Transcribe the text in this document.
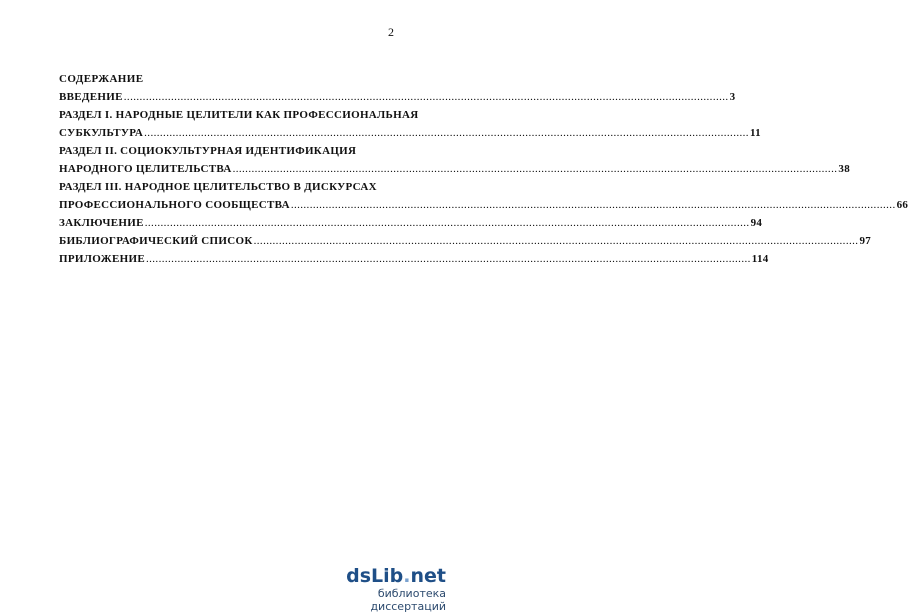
2
СОДЕРЖАНИЕ
ВВЕДЕНИЕ ................................................................................................................................................................................................ 3
РАЗДЕЛ I. НАРОДНЫЕ ЦЕЛИТЕЛИ КАК ПРОФЕССИОНАЛЬНАЯ
СУБКУЛЬТУРА ................................................................................................................................................................................................ 11
РАЗДЕЛ II. СОЦИОКУЛЬТУРНАЯ ИДЕНТИФИКАЦИЯ
НАРОДНОГО ЦЕЛИТЕЛЬСТВА ................................................................................................................................................................................................ 38
РАЗДЕЛ III. НАРОДНОЕ ЦЕЛИТЕЛЬСТВО В ДИСКУРСАХ
ПРОФЕССИОНАЛЬНОГО СООБЩЕСТВА ................................................................................................................................................................................................ 66
ЗАКЛЮЧЕНИЕ ................................................................................................................................................................................................ 94
БИБЛИОГРАФИЧЕСКИЙ СПИСОК ................................................................................................................................................................................................ 97
ПРИЛОЖЕНИЕ ................................................................................................................................................................................................ 114
dsLib.net
библиотека диссертаций
